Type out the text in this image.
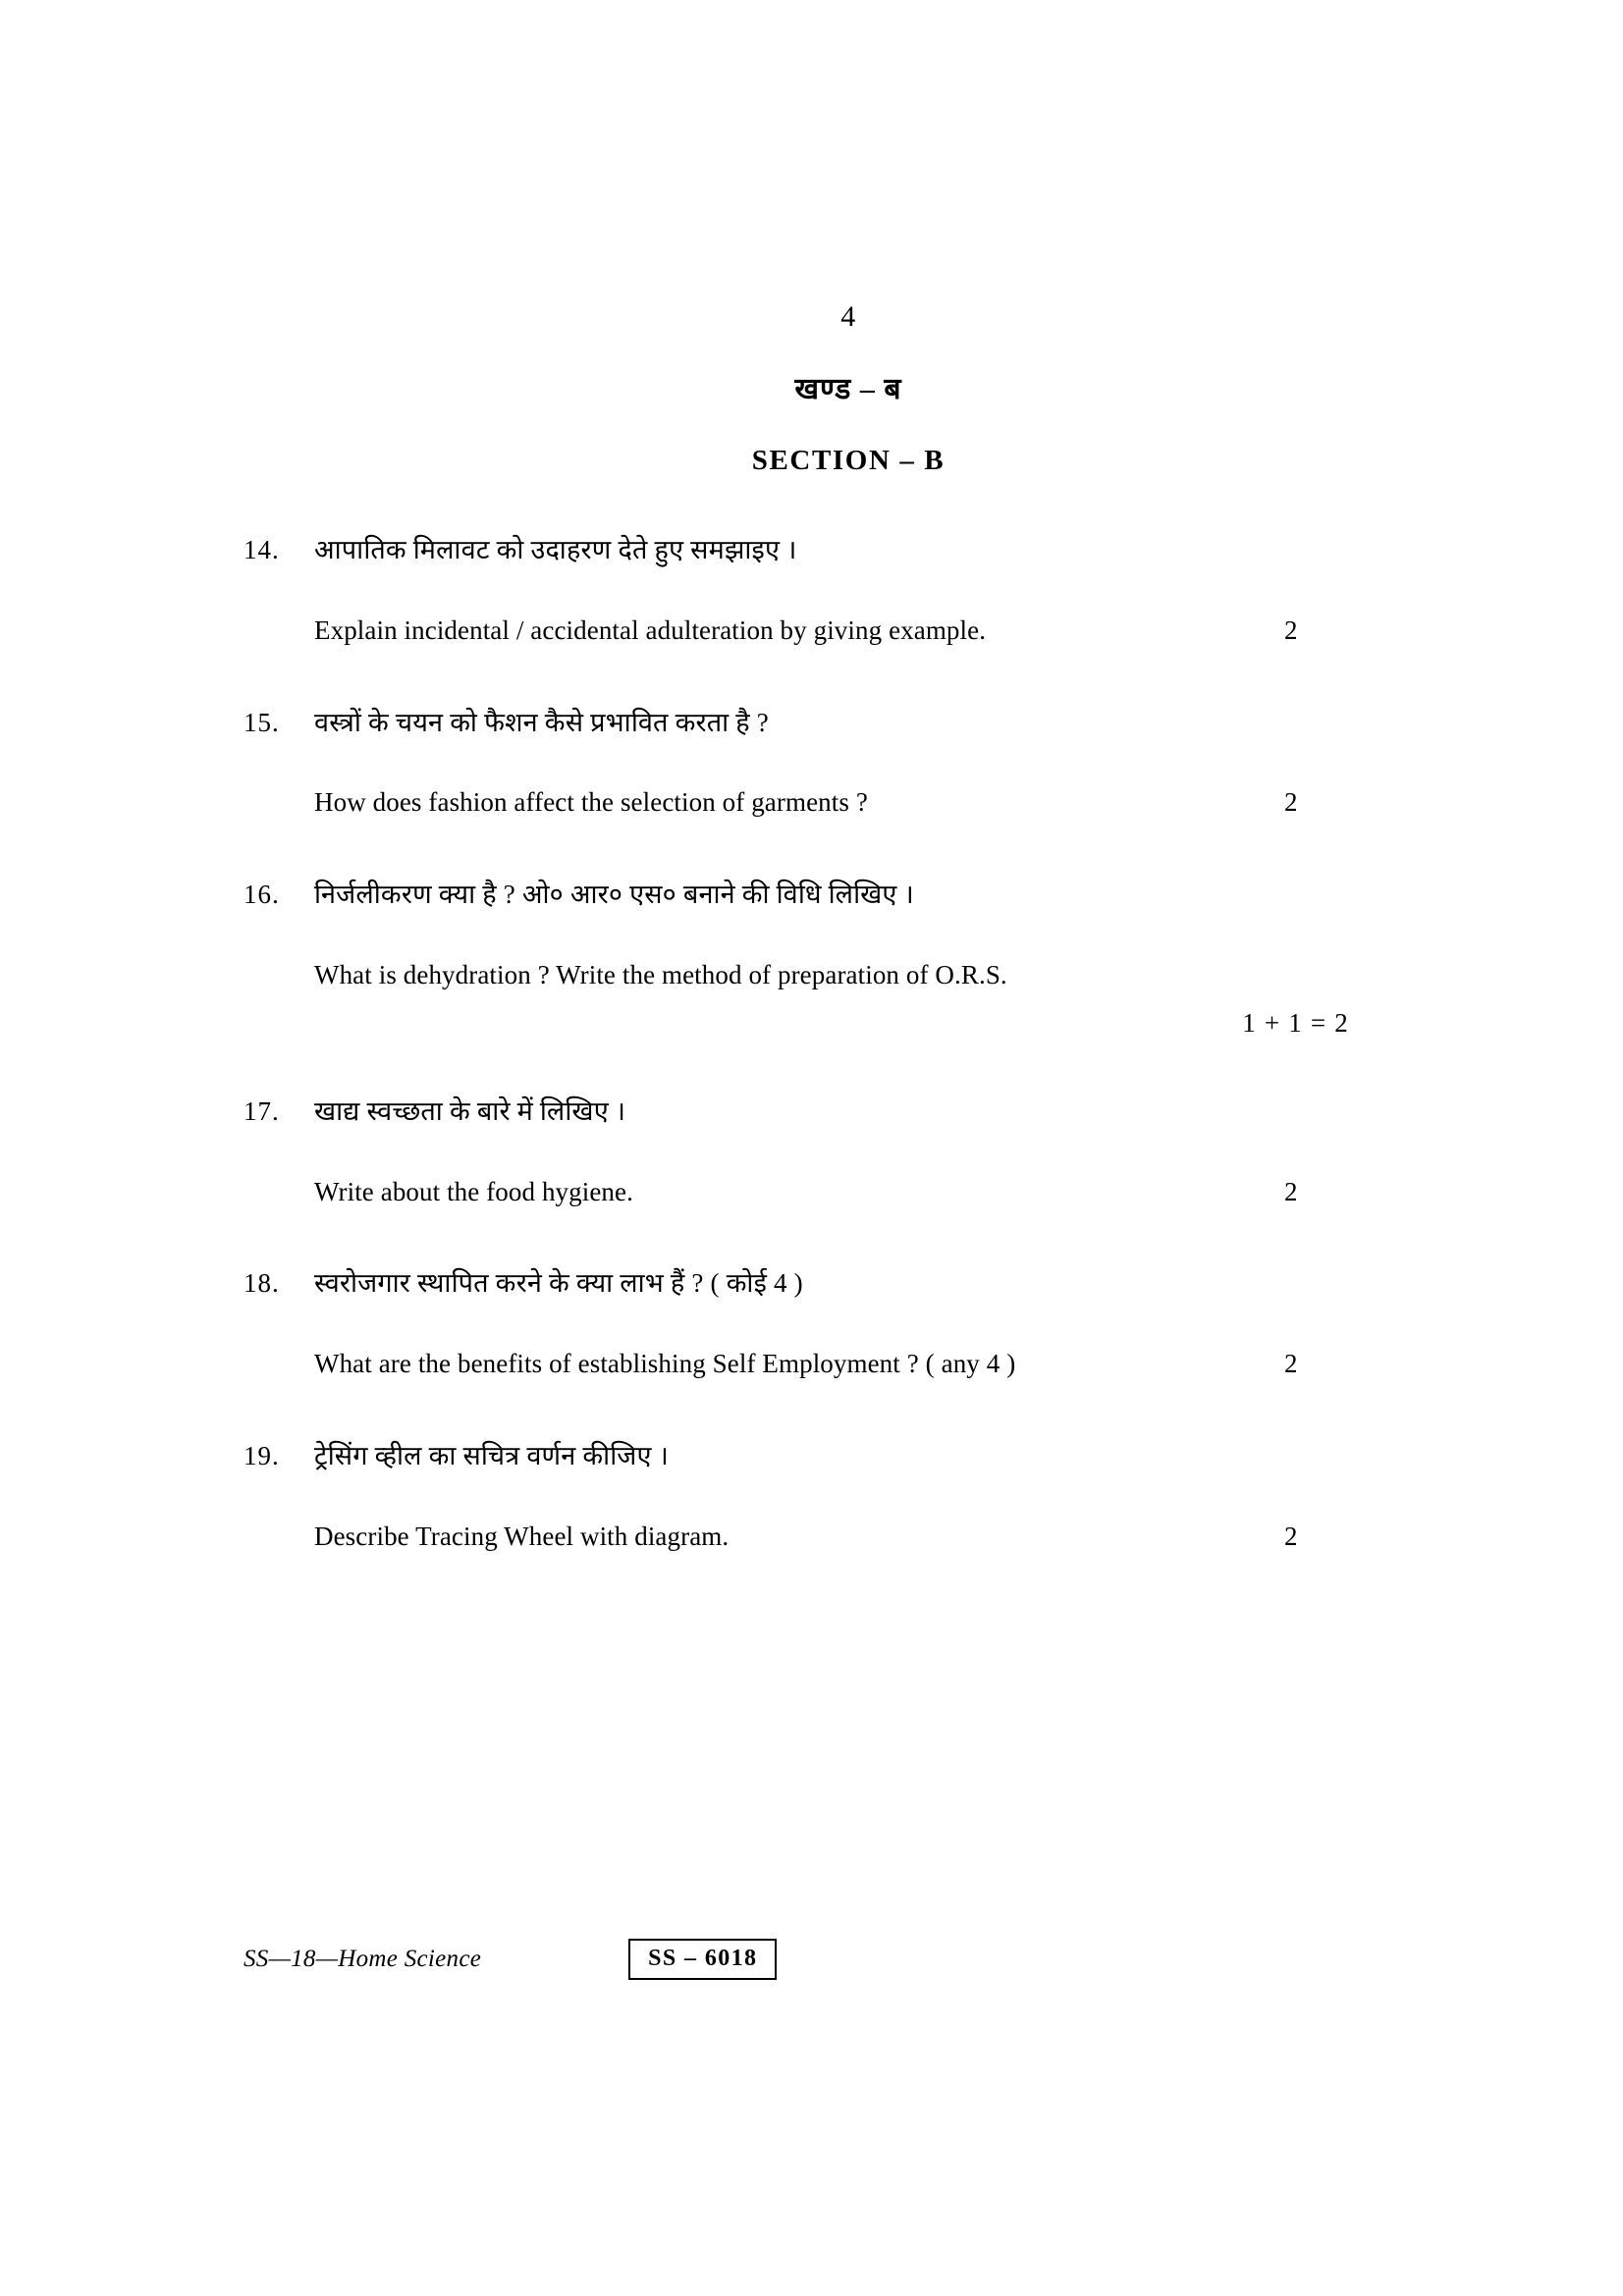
4
खण्ड – ब
SECTION – B
14.	आपातिक मिलावट को उदाहरण देते हुए समझाइए ।
Explain incidental / accidental adulteration by giving example.	2
15.	वस्त्रों के चयन को फैशन कैसे प्रभावित करता है ?
How does fashion affect the selection of garments ?	2
16.	निर्जलीकरण क्या है ? ओ० आर० एस० बनाने की विधि लिखिए ।
What is dehydration ? Write the method of preparation of O.R.S.
1 + 1 = 2
17.	खाद्य स्वच्छता के बारे में लिखिए ।
Write about the food hygiene.	2
18.	स्वरोजगार स्थापित करने के क्या लाभ हैं ? ( कोई 4 )
What are the benefits of establishing Self Employment ? ( any 4 )	2
19.	ट्रेसिंग व्हील का सचित्र वर्णन कीजिए ।
Describe Tracing Wheel with diagram.	2
SS—18—Home Science	SS – 6018
